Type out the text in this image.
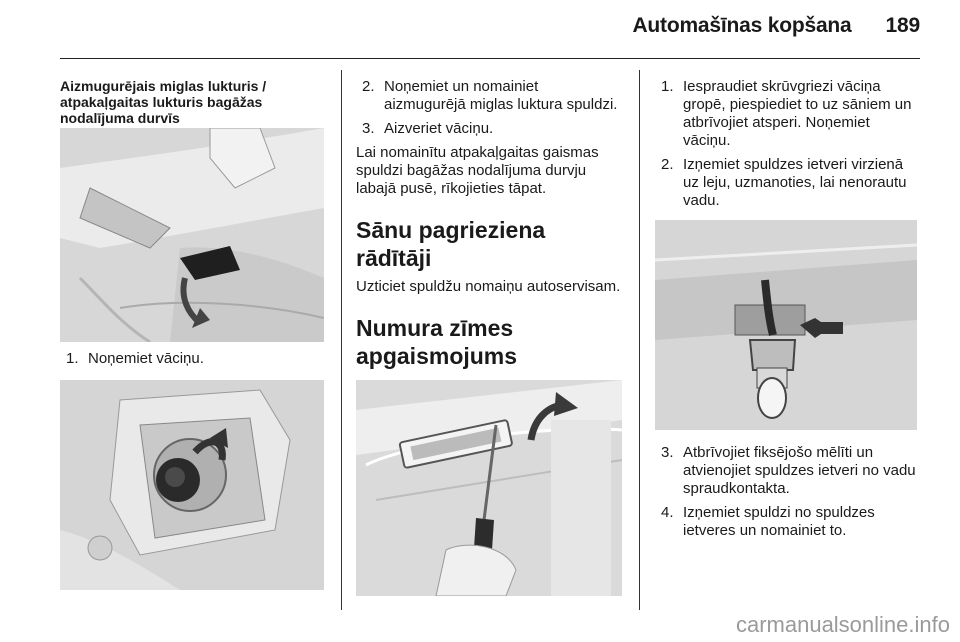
Automašīnas kopšana 189

Aizmugurējais miglas lukturis / atpakaļgaitas lukturis bagāžas nodalījuma durvīs

1. Noņemiet vāciņu.
2. Noņemiet un nomainiet aizmugurējā miglas luktura spuldzi.
3. Aizveriet vāciņu.

Lai nomainītu atpakaļgaitas gaismas spuldzi bagāžas nodalījuma durvju labajā pusē, rīkojieties tāpat.

Sānu pagrieziena rādītāji

Uzticiet spuldžu nomaiņu autoservisam.

Numura zīmes
apgaismojums
1. Iespraudiet skrūvgriezi vāciņa gropē, piespiediet to uz sāniem un atbrīvojiet atsperi. Noņemiet vāciņu.
2. Izņemiet spuldzes ietveri virzienā uz leju, uzmanoties, lai nenorautu vadu.
3. Atbrīvojiet fiksējošo mēlīti un atvienojiet spuldzes ietveri no vadu spraudkontakta.
4. Izņemiet spuldzi no spuldzes ietveres un nomainiet to.
carmanualsonline.info
